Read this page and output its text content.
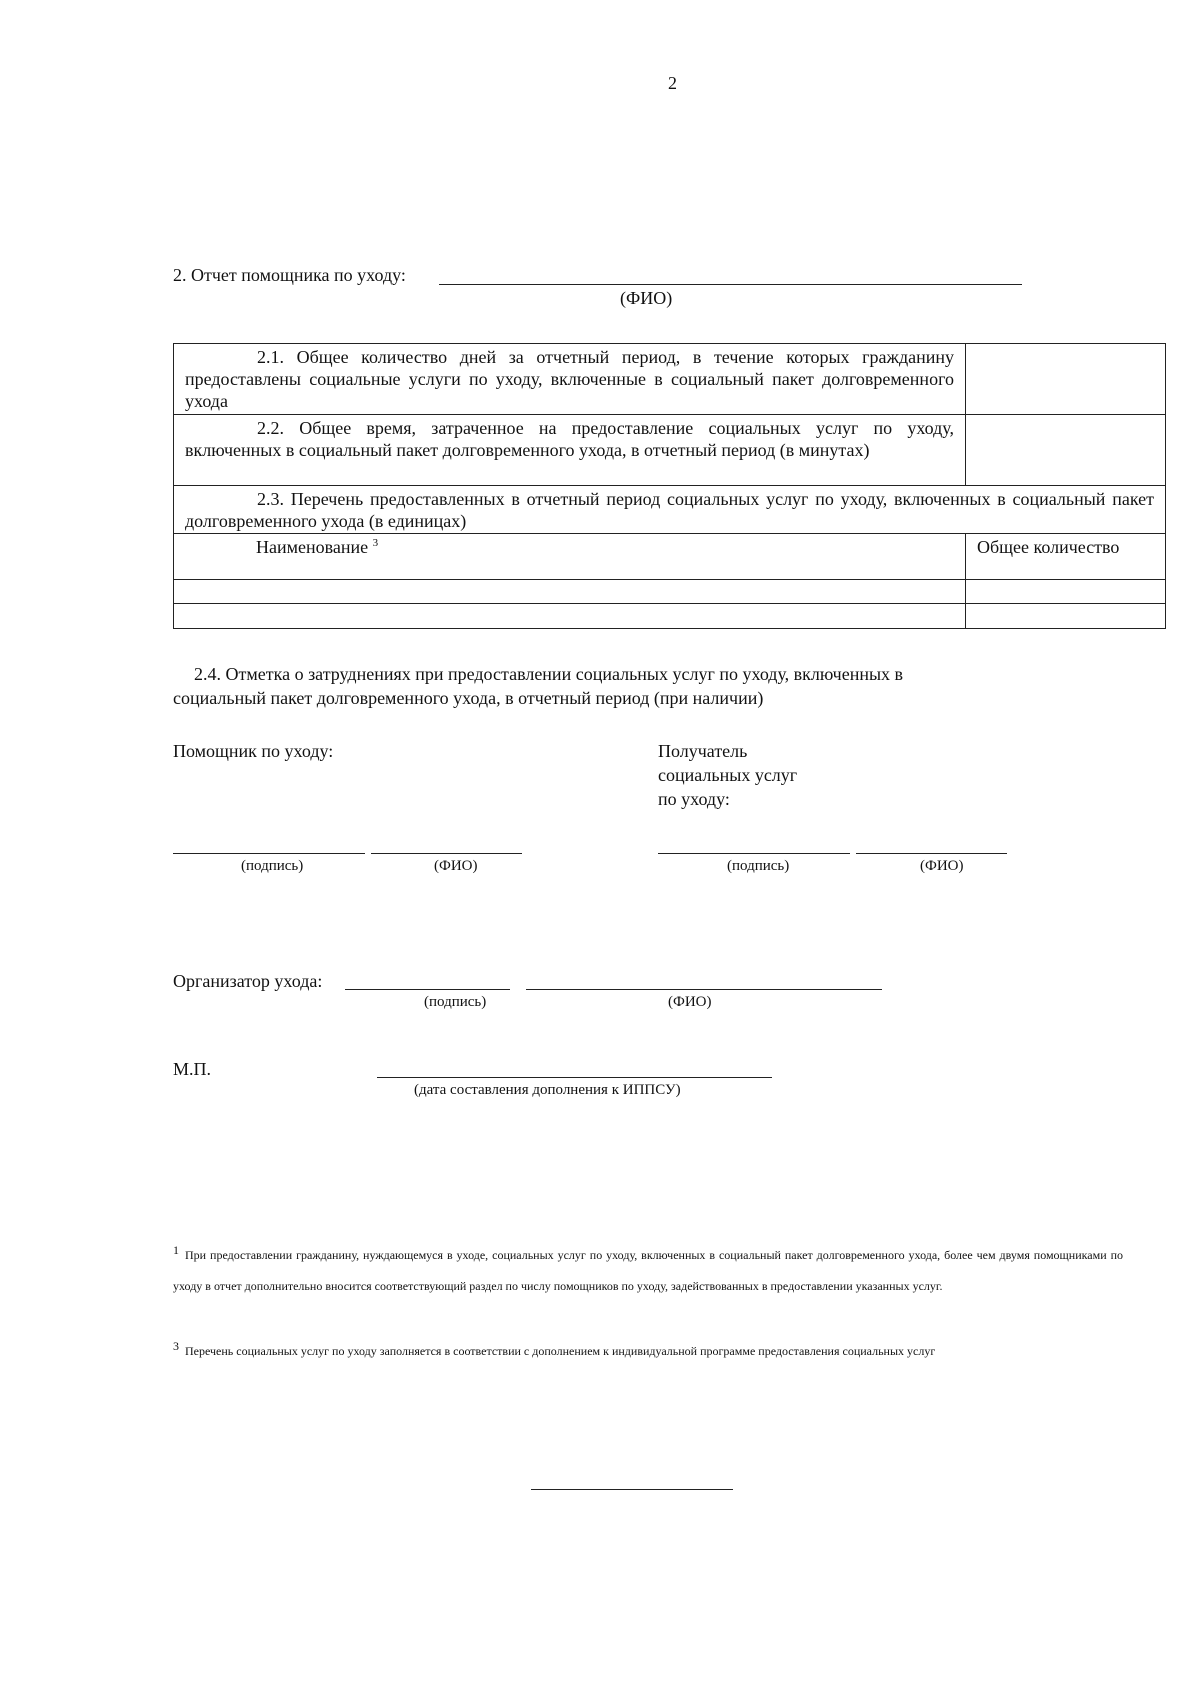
2
2. Отчет помощника по уходу:
(ФИО)
2.1. Общее количество дней за отчетный период, в течение которых гражданину предоставлены социальные услуги по уходу, включенные в социальный пакет долговременного ухода
2.2. Общее время, затраченное на предоставление социальных услуг по уходу, включенных в социальный пакет долговременного ухода, в отчетный период (в минутах)
2.3. Перечень предоставленных в отчетный период социальных услуг по уходу, включенных в социальный пакет долговременного ухода (в единицах)
Наименование $^3$	Общее количество
2.4. Отметка о затруднениях при предоставлении социальных услуг по уходу, включенных в
социальный пакет долговременного ухода, в отчетный период (при наличии)
Помощник по уходу:	Получатель
социальных услуг
по уходу:
(подпись)	(ФИО)	(подпись)	(ФИО)
Организатор ухода:
(подпись)	(ФИО)
М.П.
(дата составления дополнения к ИППСУ)
1 При предоставлении гражданину, нуждающемуся в уходе, социальных услуг по уходу, включенных в социальный пакет долговременного ухода, более чем двумя помощниками по уходу в отчет дополнительно вносится соответствующий раздел по числу помощников по уходу, задействованных в предоставлении указанных услуг.
3 Перечень социальных услуг по уходу заполняется в соответствии с дополнением к индивидуальной программе предоставления социальных услуг
